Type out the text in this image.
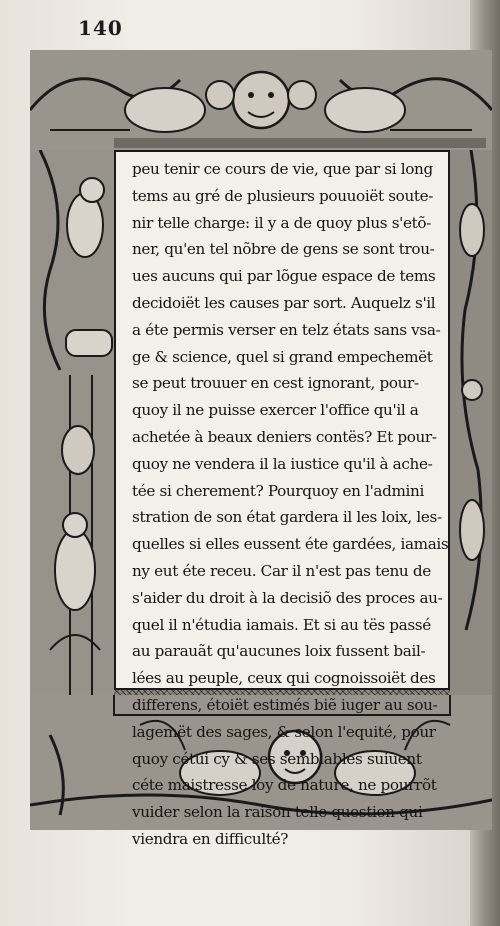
140
peu tenir ce cours de vie, que par si long
tems au gré de plusieurs pouuoiët soute-
nir telle charge: il y a de quoy plus s'etõ-
ner, qu'en tel nõbre de gens se sont trou-
ues aucuns qui par lõgue espace de tems
decidoiët les causes par sort. Auquelz s'il
a éte permis verser en telz états sans vsa-
ge & science, quel si grand empechemët
se peut trouuer en cest ignorant, pour-
quoy il ne puisse exercer l'office qu'il a
achetée à beaux deniers contës? Et pour-
quoy ne vendera il la iustice qu'il à ache-
tée si cherement? Pourquoy en l'admini
stration de son état gardera il les loix, les-
quelles si elles eussent éte gardées, iamais
ny eut éte receu. Car il n'est pas tenu de
s'aider du droit à la decisiõ des proces au-
quel il n'étudia iamais. Et si au tës passé
au parauãt qu'aucunes loix fussent bail-
lées au peuple, ceux qui cognoissoiët des
differens, étoiët estimés biẽ iuger au sou-
lagemët des sages, & selon l'equité, pour
quoy cétui cy & ses semblables suiuent
céte maistresse loy de nature, ne pourrõt
vuider selon la raison telle question qui
viendra en difficulté?
